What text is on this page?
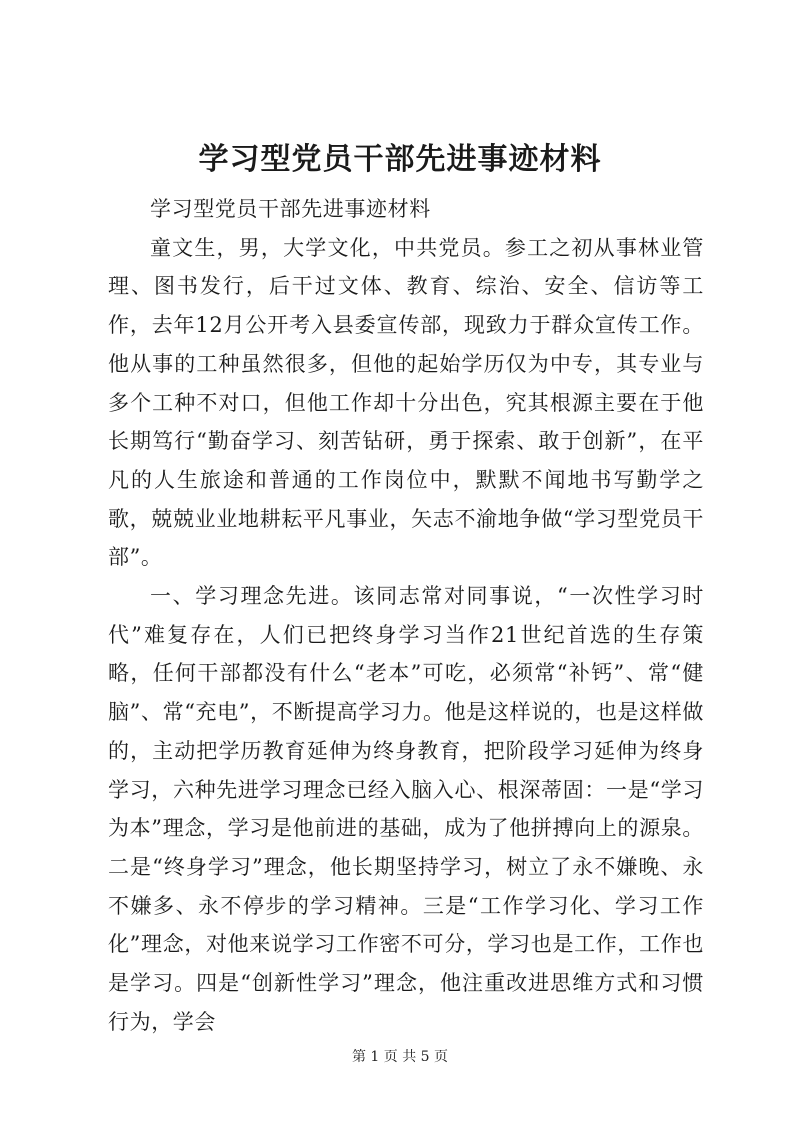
学习型党员干部先进事迹材料

学习型党员干部先进事迹材料

童文生，男，大学文化，中共党员。参工之初从事林业管理、图书发行，后干过文体、教育、综治、安全、信访等工作，去年12月公开考入县委宣传部，现致力于群众宣传工作。他从事的工种虽然很多，但他的起始学历仅为中专，其专业与多个工种不对口，但他工作却十分出色，究其根源主要在于他长期笃行“勤奋学习、刻苦钻研，勇于探索、敢于创新”，在平凡的人生旅途和普通的工作岗位中，默默不闻地书写勤学之歌，兢兢业业地耕耘平凡事业，矢志不渝地争做“学习型党员干部”。

一、学习理念先进。该同志常对同事说，“一次性学习时代”难复存在，人们已把终身学习当作21世纪首选的生存策略，任何干部都没有什么“老本”可吃，必须常“补钙”、常“健脑”、常“充电”，不断提高学习力。他是这样说的，也是这样做的，主动把学历教育延伸为终身教育，把阶段学习延伸为终身学习，六种先进学习理念已经入脑入心、根深蒂固：一是“学习为本”理念，学习是他前进的基础，成为了他拼搏向上的源泉。二是“终身学习”理念，他长期坚持学习，树立了永不嫌晚、永不嫌多、永不停步的学习精神。三是“工作学习化、学习工作化”理念，对他来说学习工作密不可分，学习也是工作，工作也是学习。四是“创新性学习”理念，他注重改进思维方式和习惯行为，学会

第 1 页 共 5 页
